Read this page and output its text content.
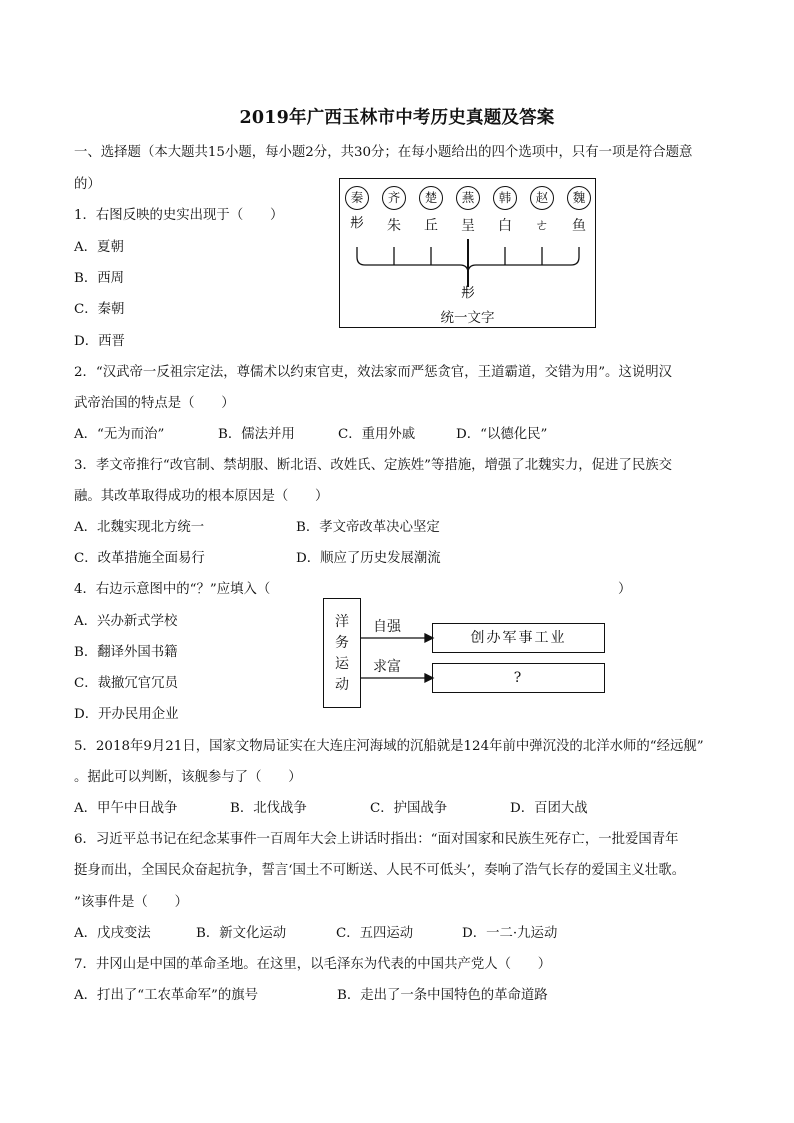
2019年广西玉林市中考历史真题及答案
一、选择题（本大题共15小题，每小题2分，共30分；在每小题给出的四个选项中，只有一项是符合题意
的）
1．右图反映的史实出现于（　　）
A．夏朝
B．西周
C．秦朝
D．西晋
秦	齐	楚	燕	韩	赵	魏
𢒈	朱	丘	呈	白	ㄜ	鱼
𢒈
统一文字
2．“汉武帝一反祖宗定法，尊儒术以约束官吏，效法家而严惩贪官，王道霸道，交错为用”。这说明汉
武帝治国的特点是（　　）
A．“无为而治”	B．儒法并用	C．重用外戚	D．“以德化民”
3．孝文帝推行“改官制、禁胡服、断北语、改姓氏、定族姓”等措施，增强了北魏实力，促进了民族交
融。其改革取得成功的根本原因是（　　）
A．北魏实现北方统一	B．孝文帝改革决心坚定
C．改革措施全面易行	D．顺应了历史发展潮流
4．右边示意图中的“？”应填入（	）
A．兴办新式学校
B．翻译外国书籍
C．裁撤冗官冗员
D．开办民用企业
洋
务
运
动
自强
求富
创办军事工业
?
5．2018年9月21日，国家文物局证实在大连庄河海域的沉船就是124年前中弹沉没的北洋水师的“经远舰”
。据此可以判断，该舰参与了（　　）
A．甲午中日战争	B．北伐战争	C．护国战争	D．百团大战
6．习近平总书记在纪念某事件一百周年大会上讲话时指出：“面对国家和民族生死存亡，一批爱国青年
挺身而出，全国民众奋起抗争，誓言‘国土不可断送、人民不可低头’，奏响了浩气长存的爱国主义壮歌。
”该事件是（　　）
A．戊戌变法	B．新文化运动	C．五四运动	D．一二·九运动
7．井冈山是中国的革命圣地。在这里，以毛泽东为代表的中国共产党人（　　）
A．打出了“工农革命军”的旗号	B．走出了一条中国特色的革命道路
